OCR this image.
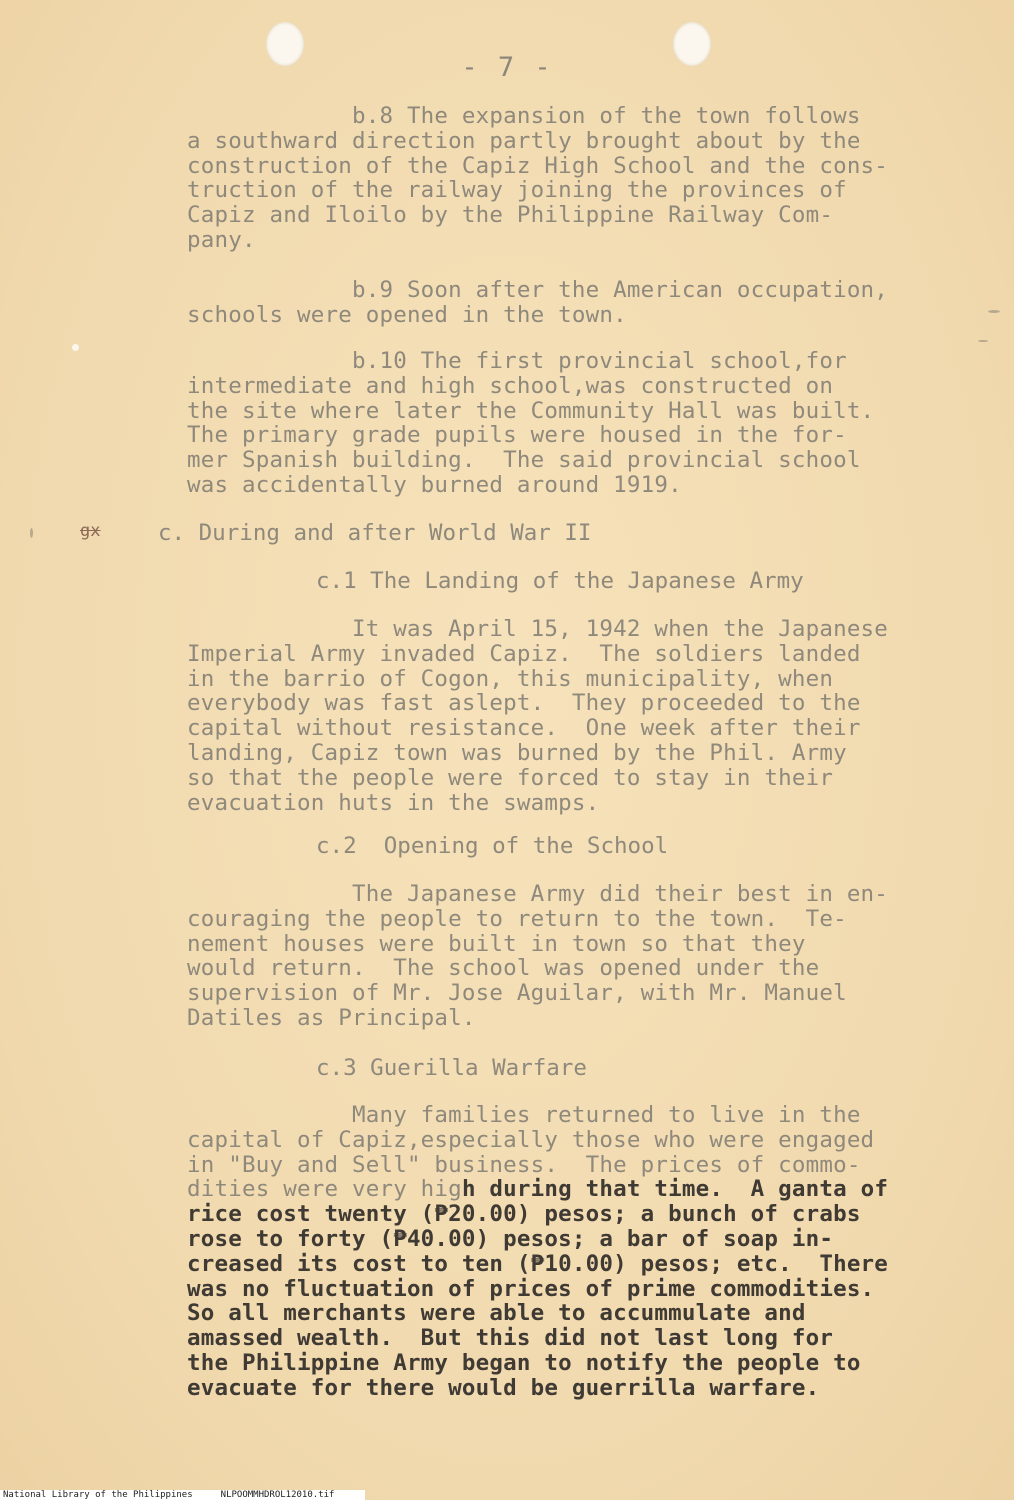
- 7 -
b.8 The expansion of the town follows
a southward direction partly brought about by the
construction of the Capiz High School and the cons-
truction of the railway joining the provinces of
Capiz and Iloilo by the Philippine Railway Com-
pany.
b.9 Soon after the American occupation,
schools were opened in the town.
b.10 The first provincial school,for
intermediate and high school,was constructed on
the site where later the Community Hall was built.
The primary grade pupils were housed in the for-
mer Spanish building.  The said provincial school
was accidentally burned around 1919.
gx	c. During and after World War II
c.1 The Landing of the Japanese Army
It was April 15, 1942 when the Japanese
Imperial Army invaded Capiz.  The soldiers landed
in the barrio of Cogon, this municipality, when
everybody was fast aslept.  They proceeded to the
capital without resistance.  One week after their
landing, Capiz town was burned by the Phil. Army
so that the people were forced to stay in their
evacuation huts in the swamps.
c.2  Opening of the School
The Japanese Army did their best in en-
couraging the people to return to the town.  Te-
nement houses were built in town so that they
would return.  The school was opened under the
supervision of Mr. Jose Aguilar, with Mr. Manuel
Datiles as Principal.
c.3 Guerilla Warfare
Many families returned to live in the
capital of Capiz,especially those who were engaged
in "Buy and Sell" business.  The prices of commo-
dities were very high during that time.  A ganta of
rice cost twenty (₱20.00) pesos; a bunch of crabs
rose to forty (₱40.00) pesos; a bar of soap in-
creased its cost to ten (₱10.00) pesos; etc.  There
was no fluctuation of prices of prime commodities.
So all merchants were able to accummulate and
amassed wealth.  But this did not last long for
the Philippine Army began to notify the people to
evacuate for there would be guerrilla warfare.
National Library of the Philippines	NLPOOMMHDROL12010.tif
